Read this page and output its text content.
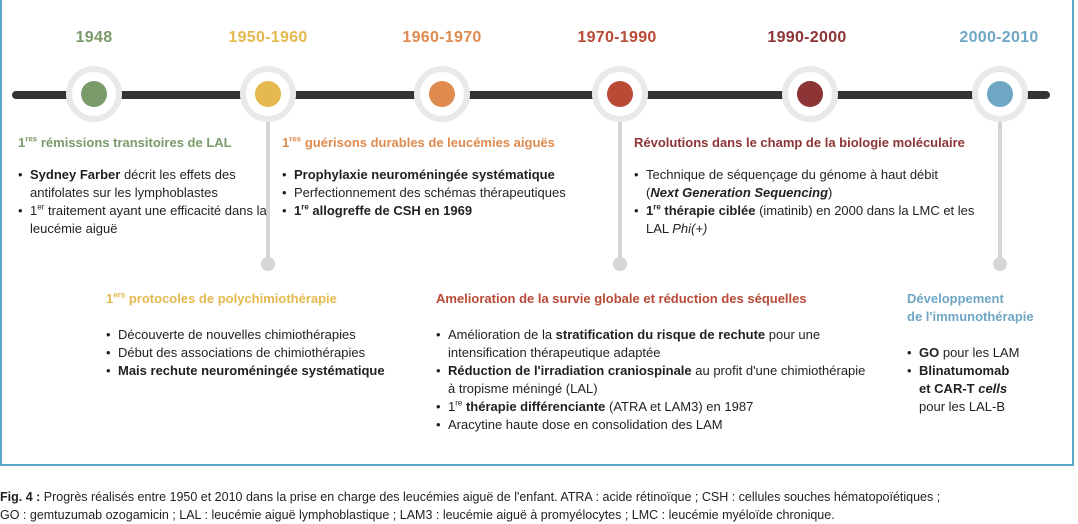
1948	1950-1960	1960-1970	1970-1990	1990-2000	2000-2010
1res rémissions transitoires de LAL
• Sydney Farber décrit les effets des antifolates sur les lymphoblastes
• 1er traitement ayant une efficacité dans la leucémie aiguë
1res guérisons durables de leucémies aiguës
• Prophylaxie neuroméningée systématique
• Perfectionnement des schémas thérapeutiques
• 1re allogreffe de CSH en 1969
Révolutions dans le champ de la biologie moléculaire
• Technique de séquençage du génome à haut débit
(Next Generation Sequencing)
• 1re thérapie ciblée (imatinib) en 2000 dans la LMC et les LAL Phi(+)
1ers protocoles de polychimiothérapie
• Découverte de nouvelles chimiothérapies
• Début des associations de chimiothérapies
• Mais rechute neuroméningée systématique
Amelioration de la survie globale et réduction des séquelles
• Amélioration de la stratification du risque de rechute pour une intensification thérapeutique adaptée
• Réduction de l'irradiation craniospinale au profit d'une chimiothérapie à tropisme méningé (LAL)
• 1re thérapie différenciante (ATRA et LAM3) en 1987
• Aracytine haute dose en consolidation des LAM
Développement
de l'immunothérapie
• GO pour les LAM
• Blinatumomab
et CAR-T cells
pour les LAL-B
Fig. 4 : Progrès réalisés entre 1950 et 2010 dans la prise en charge des leucémies aiguë de l'enfant. ATRA : acide rétinoïque ; CSH : cellules souches hématopoïétiques ;
GO : gemtuzumab ozogamicin ; LAL : leucémie aiguë lymphoblastique ; LAM3 : leucémie aiguë à promyélocytes ; LMC : leucémie myéloïde chronique.
